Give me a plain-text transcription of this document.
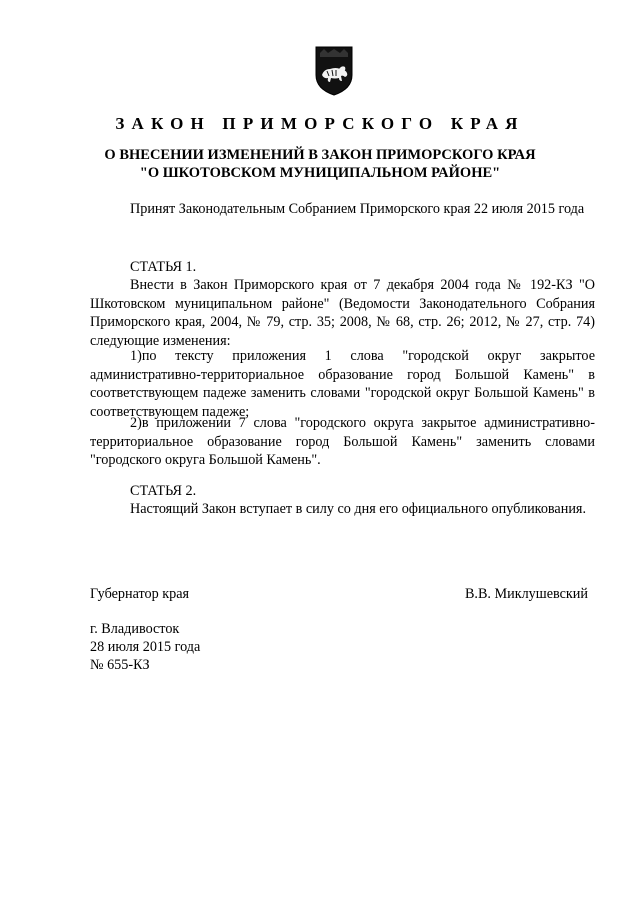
ЗАКОН ПРИМОРСКОГО КРАЯ
О ВНЕСЕНИИ ИЗМЕНЕНИЙ В ЗАКОН ПРИМОРСКОГО КРАЯ
"О ШКОТОВСКОМ МУНИЦИПАЛЬНОМ РАЙОНЕ"
Принят Законодательным Собранием Приморского края 22 июля 2015 года
СТАТЬЯ 1.
Внести в Закон Приморского края от 7 декабря 2004 года № 192-КЗ "О Шкотовском муниципальном районе" (Ведомости Законодательного Собрания Приморского края, 2004, № 79, стр. 35; 2008, № 68, стр. 26; 2012, № 27, стр. 74) следующие изменения:
1)по тексту приложения 1 слова "городской округ закрытое административно-территориальное образование город Большой Камень" в соответствующем падеже заменить словами "городской округ Большой Камень" в соответствующем падеже;
2)в приложении 7 слова "городского округа закрытое административно-территориальное образование город Большой Камень" заменить словами "городского округа Большой Камень".
СТАТЬЯ 2.
Настоящий Закон вступает в силу со дня его официального опубликования.
Губернатор края	В.В. Миклушевский
г. Владивосток
28 июля 2015 года
№ 655-КЗ
